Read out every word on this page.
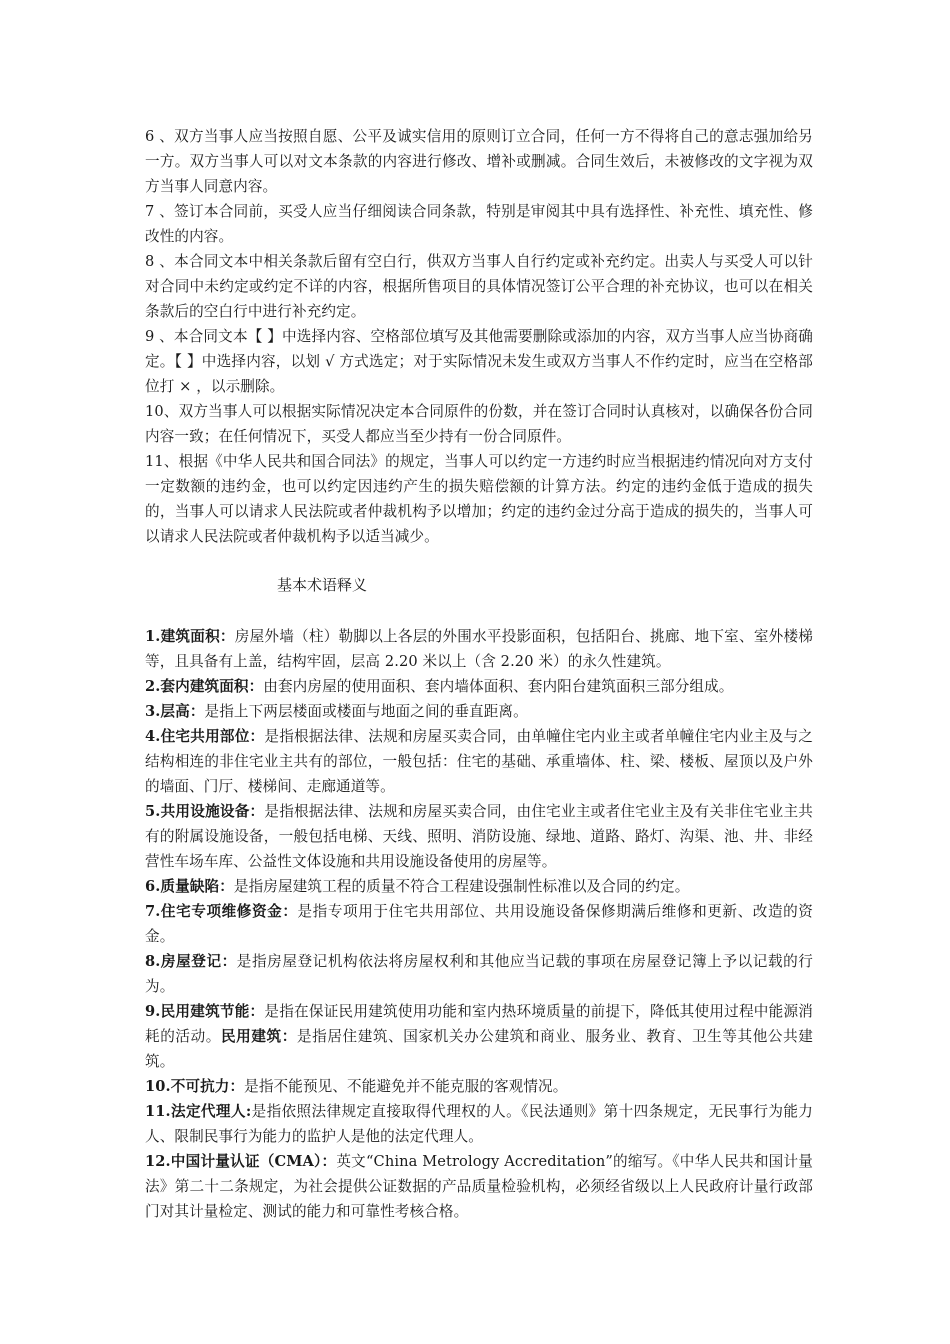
6 、双方当事人应当按照自愿、公平及诚实信用的原则订立合同，任何一方不得将自己的意志强加给另一方。双方当事人可以对文本条款的内容进行修改、增补或删减。合同生效后，未被修改的文字视为双方当事人同意内容。

7 、签订本合同前，买受人应当仔细阅读合同条款，特别是审阅其中具有选择性、补充性、填充性、修改性的内容。

8 、本合同文本中相关条款后留有空白行，供双方当事人自行约定或补充约定。出卖人与买受人可以针对合同中未约定或约定不详的内容，根据所售项目的具体情况签订公平合理的补充协议，也可以在相关条款后的空白行中进行补充约定。

9 、本合同文本【 】中选择内容、空格部位填写及其他需要删除或添加的内容，双方当事人应当协商确定。【 】中选择内容，以划 √ 方式选定；对于实际情况未发生或双方当事人不作约定时，应当在空格部位打 × ，以示删除。

10、双方当事人可以根据实际情况决定本合同原件的份数，并在签订合同时认真核对，以确保各份合同内容一致；在任何情况下，买受人都应当至少持有一份合同原件。

11、根据《中华人民共和国合同法》的规定，当事人可以约定一方违约时应当根据违约情况向对方支付一定数额的违约金，也可以约定因违约产生的损失赔偿额的计算方法。约定的违约金低于造成的损失的，当事人可以请求人民法院或者仲裁机构予以增加；约定的违约金过分高于造成的损失的，当事人可以请求人民法院或者仲裁机构予以适当减少。

基本术语释义

1.建筑面积：房屋外墙（柱）勒脚以上各层的外围水平投影面积，包括阳台、挑廊、地下室、室外楼梯等，且具备有上盖，结构牢固，层高 2.20 米以上（含 2.20 米）的永久性建筑。

2.套内建筑面积：由套内房屋的使用面积、套内墙体面积、套内阳台建筑面积三部分组成。

3.层高：是指上下两层楼面或楼面与地面之间的垂直距离。

4.住宅共用部位：是指根据法律、法规和房屋买卖合同，由单幢住宅内业主或者单幢住宅内业主及与之结构相连的非住宅业主共有的部位，一般包括：住宅的基础、承重墙体、柱、梁、楼板、屋顶以及户外的墙面、门厅、楼梯间、走廊通道等。

5.共用设施设备：是指根据法律、法规和房屋买卖合同，由住宅业主或者住宅业主及有关非住宅业主共有的附属设施设备，一般包括电梯、天线、照明、消防设施、绿地、道路、路灯、沟渠、池、井、非经营性车场车库、公益性文体设施和共用设施设备使用的房屋等。

6.质量缺陷：是指房屋建筑工程的质量不符合工程建设强制性标准以及合同的约定。

7.住宅专项维修资金：是指专项用于住宅共用部位、共用设施设备保修期满后维修和更新、改造的资金。

8.房屋登记：是指房屋登记机构依法将房屋权利和其他应当记载的事项在房屋登记簿上予以记载的行为。

9.民用建筑节能：是指在保证民用建筑使用功能和室内热环境质量的前提下，降低其使用过程中能源消耗的活动。民用建筑：是指居住建筑、国家机关办公建筑和商业、服务业、教育、卫生等其他公共建筑。

10.不可抗力：是指不能预见、不能避免并不能克服的客观情况。

11.法定代理人:是指依照法律规定直接取得代理权的人。《民法通则》第十四条规定，无民事行为能力人、限制民事行为能力的监护人是他的法定代理人。

12.中国计量认证（CMA）：英文“China Metrology Accreditation”的缩写。《中华人民共和国计量法》第二十二条规定，为社会提供公证数据的产品质量检验机构，必须经省级以上人民政府计量行政部门对其计量检定、测试的能力和可靠性考核合格。
